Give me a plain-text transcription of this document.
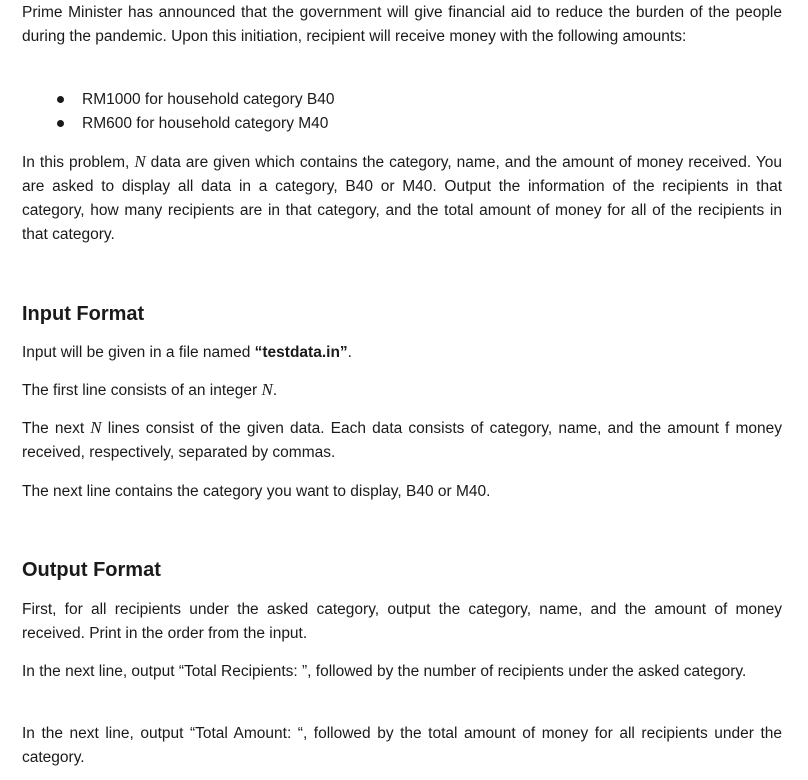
Prime Minister has announced that the government will give financial aid to reduce the burden of the people during the pandemic. Upon this initiation, recipient will receive money with the following amounts:

RM1000 for household category B40
RM600 for household category M40

In this problem, N data are given which contains the category, name, and the amount of money received. You are asked to display all data in a category, B40 or M40. Output the information of the recipients in that category, how many recipients are in that category, and the total amount of money for all of the recipients in that category.

Input Format

Input will be given in a file named “testdata.in”.

The first line consists of an integer N.

The next N lines consist of the given data. Each data consists of category, name, and the amount f money received, respectively, separated by commas.

The next line contains the category you want to display, B40 or M40.

Output Format

First, for all recipients under the asked category, output the category, name, and the amount of money received. Print in the order from the input.

In the next line, output “Total Recipients: ”, followed by the number of recipients under the asked category.

In the next line, output “Total Amount: “, followed by the total amount of money for all recipients under the category.
